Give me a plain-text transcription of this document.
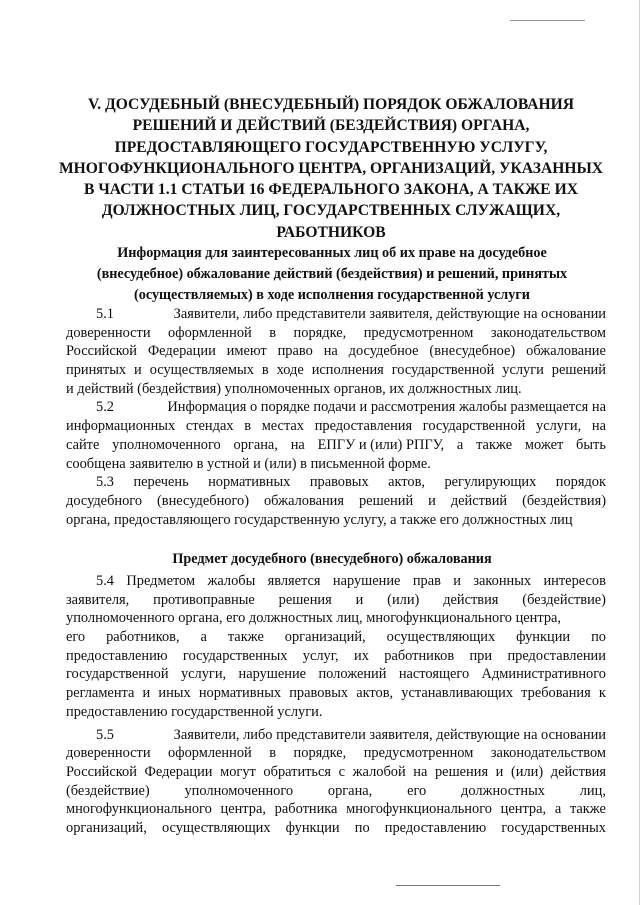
V. ДОСУДЕБНЫЙ (ВНЕСУДЕБНЫЙ) ПОРЯДОК ОБЖАЛОВАНИЯ
РЕШЕНИЙ И ДЕЙСТВИЙ (БЕЗДЕЙСТВИЯ) ОРГАНА,
ПРЕДОСТАВЛЯЮЩЕГО ГОСУДАРСТВЕННУЮ УСЛУГУ,
МНОГОФУНКЦИОНАЛЬНОГО ЦЕНТРА, ОРГАНИЗАЦИЙ, УКАЗАННЫХ
В ЧАСТИ 1.1 СТАТЬИ 16 ФЕДЕРАЛЬНОГО ЗАКОНА, А ТАКЖЕ ИХ
ДОЛЖНОСТНЫХ ЛИЦ, ГОСУДАРСТВЕННЫХ СЛУЖАЩИХ,
РАБОТНИКОВ
Информация для заинтересованных лиц об их праве на досудебное
(внесудебное) обжалование действий (бездействия) и решений, принятых
(осуществляемых) в ходе исполнения государственной услуги
5.1	Заявители, либо представители заявителя, действующие на основании
доверенности оформленной в порядке, предусмотренном законодательством
Российской Федерации имеют право на досудебное (внесудебное) обжалование
принятых и осуществляемых в ходе исполнения государственной услуги решений
и действий (бездействия) уполномоченных органов, их должностных лиц.
5.2	Информация о порядке подачи и рассмотрения жалобы размещается на
информационных стендах в местах предоставления государственной услуги, на
сайте уполномоченного органа, на ЕПГУ и (или) РПГУ, а также может быть
сообщена заявителю в устной и (или) в письменной форме.
5.3 перечень нормативных правовых актов, регулирующих порядок
досудебного (внесудебного) обжалования решений и действий (бездействия)
органа, предоставляющего государственную услугу, а также его должностных лиц
Предмет досудебного (внесудебного) обжалования
5.4 Предметом жалобы является нарушение прав и законных интересов
заявителя, противоправные решения и (или) действия (бездействие)
уполномоченного органа, его должностных лиц, многофункционального центра,
его работников, а также организаций, осуществляющих функции по
предоставлению государственных услуг, их работников при предоставлении
государственной услуги, нарушение положений настоящего Административного
регламента и иных нормативных правовых актов, устанавливающих требования к
предоставлению государственной услуги.
5.5	Заявители, либо представители заявителя, действующие на основании
доверенности оформленной в порядке, предусмотренном законодательством
Российской Федерации могут обратиться с жалобой на решения и (или) действия
(бездействие) уполномоченного органа, его должностных лиц,
многофункционального центра, работника многофункционального центра, а также
организаций, осуществляющих функции по предоставлению государственных
